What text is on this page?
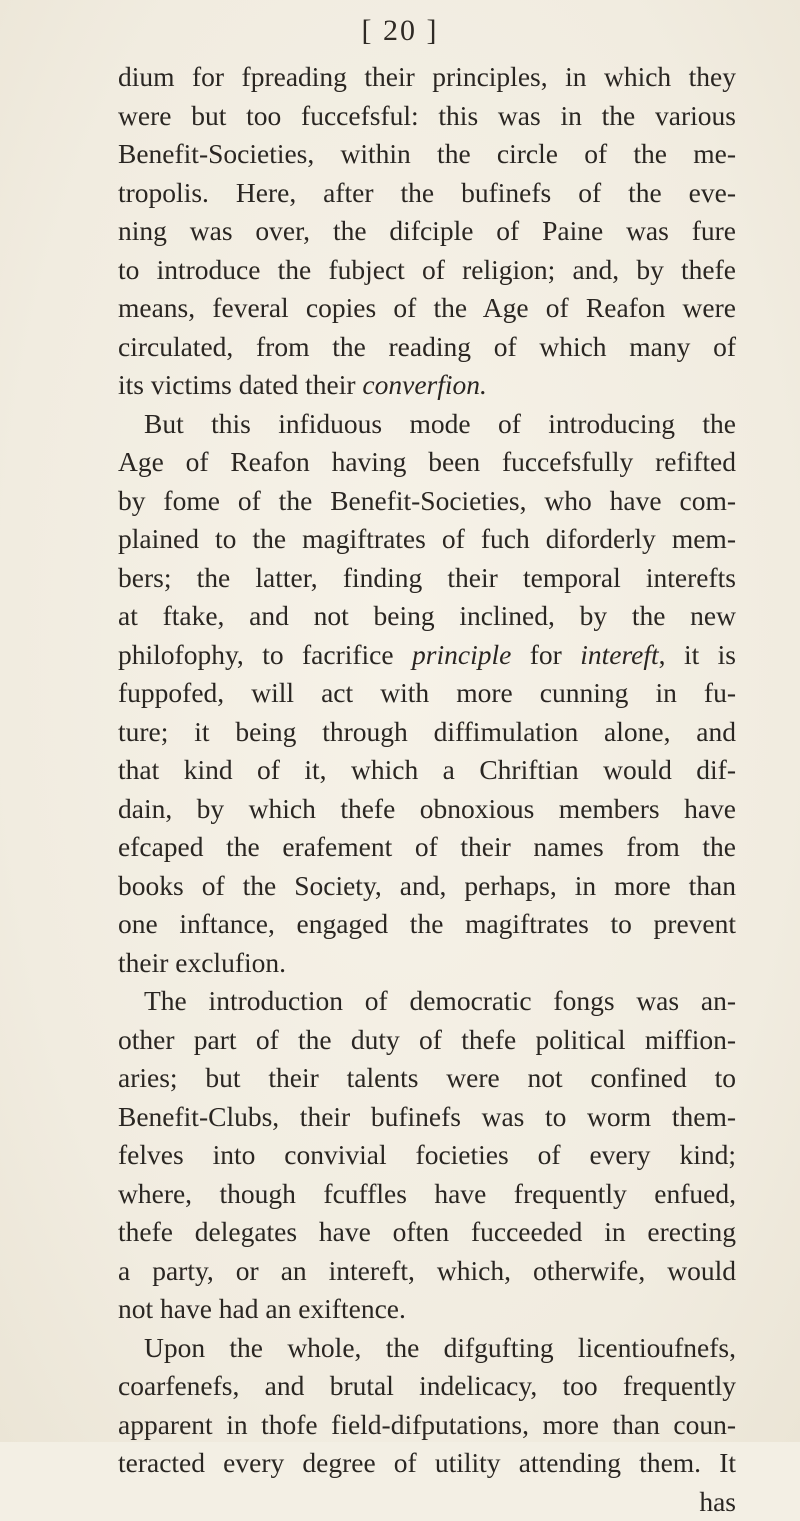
[ 20 ]
dium for fpreading their principles, in which they
were but too fuccefsful: this was in the various
Benefit-Societies, within the circle of the me-
tropolis. Here, after the bufinefs of the eve-
ning was over, the difciple of Paine was fure
to introduce the fubject of religion; and, by thefe
means, feveral copies of the Age of Reafon were
circulated, from the reading of which many of
its victims dated their converfion.
But this infiduous mode of introducing the
Age of Reafon having been fuccefsfully refifted
by fome of the Benefit-Societies, who have com-
plained to the magiftrates of fuch diforderly mem-
bers; the latter, finding their temporal interefts
at ftake, and not being inclined, by the new
philofophy, to facrifice principle for intereft, it is
fuppofed, will act with more cunning in fu-
ture; it being through diffimulation alone, and
that kind of it, which a Chriftian would dif-
dain, by which thefe obnoxious members have
efcaped the erafement of their names from the
books of the Society, and, perhaps, in more than
one inftance, engaged the magiftrates to prevent
their exclufion.
The introduction of democratic fongs was an-
other part of the duty of thefe political miffion-
aries; but their talents were not confined to
Benefit-Clubs, their bufinefs was to worm them-
felves into convivial focieties of every kind;
where, though fcuffles have frequently enfued,
thefe delegates have often fucceeded in erecting
a party, or an intereft, which, otherwife, would
not have had an exiftence.
Upon the whole, the difgufting licentioufnefs,
coarfenefs, and brutal indelicacy, too frequently
apparent in thofe field-difputations, more than coun-
teracted every degree of utility attending them. It
has
